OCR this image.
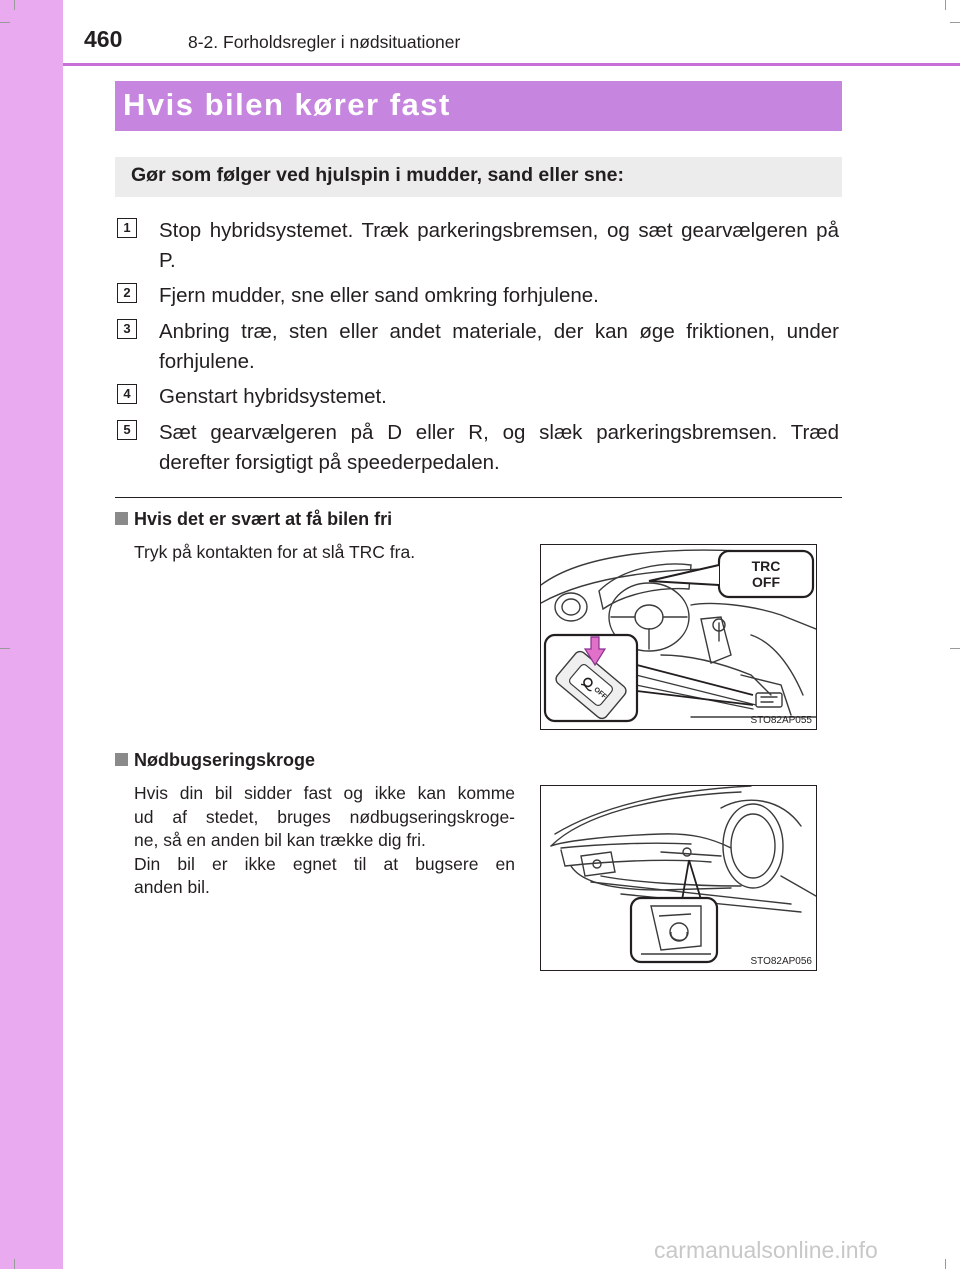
460	8-2. Forholdsregler i nødsituationer
Hvis bilen kører fast
Gør som følger ved hjulspin i mudder, sand eller sne:
1	Stop hybridsystemet. Træk parkeringsbremsen, og sæt gearvælgeren på P.
2	Fjern mudder, sne eller sand omkring forhjulene.
3	Anbring træ, sten eller andet materiale, der kan øge friktionen, under forhjulene.
4	Genstart hybridsystemet.
5	Sæt gearvælgeren på D eller R, og slæk parkeringsbremsen. Træd derefter forsigtigt på speederpedalen.
Hvis det er svært at få bilen fri
Tryk på kontakten for at slå TRC fra.
TRC
OFF
OFF
STO82AP055
Nødbugseringskroge
Hvis din bil sidder fast og ikke kan komme
ud af stedet, bruges nødbugseringskroge-
ne, så en anden bil kan trække dig fri.
Din bil er ikke egnet til at bugsere en
anden bil.
STO82AP056
carmanualsonline.info
